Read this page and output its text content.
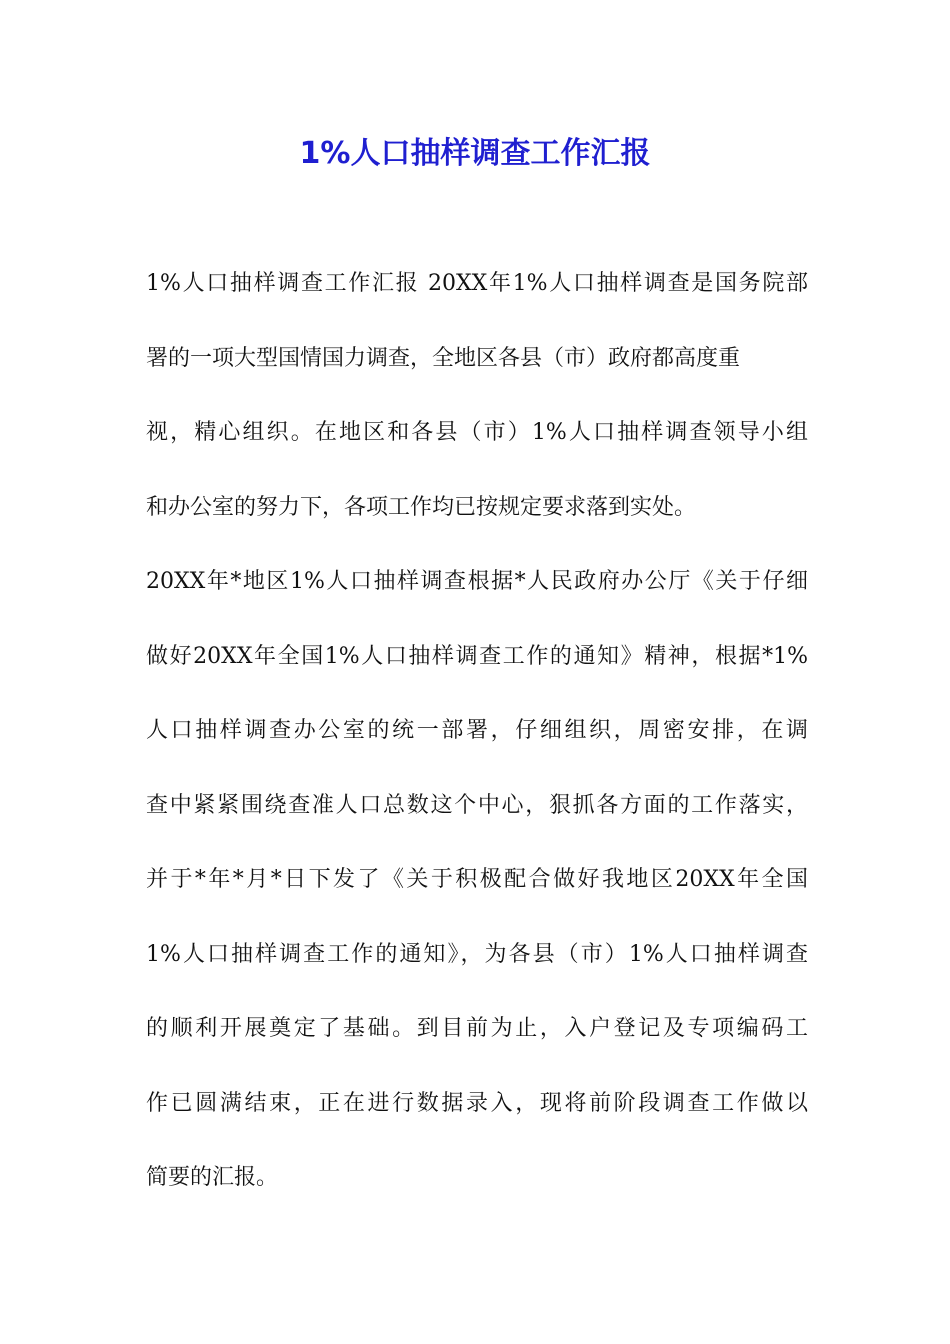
1%人口抽样调查工作汇报
1%人口抽样调查工作汇报 20XX年1%人口抽样调查是国务院部
署的一项大型国情国力调查，全地区各县（市）政府都高度重
视，精心组织。在地区和各县（市）1%人口抽样调查领导小组
和办公室的努力下，各项工作均已按规定要求落到实处。
20XX年*地区1%人口抽样调查根据*人民政府办公厅《关于仔细
做好20XX年全国1%人口抽样调查工作的通知》精神，根据*1%
人口抽样调查办公室的统一部署，仔细组织，周密安排，在调
查中紧紧围绕查准人口总数这个中心，狠抓各方面的工作落实，
并于*年*月*日下发了《关于积极配合做好我地区20XX年全国
1%人口抽样调查工作的通知》，为各县（市）1%人口抽样调查
的顺利开展奠定了基础。到目前为止，入户登记及专项编码工
作已圆满结束，正在进行数据录入，现将前阶段调查工作做以
简要的汇报。
